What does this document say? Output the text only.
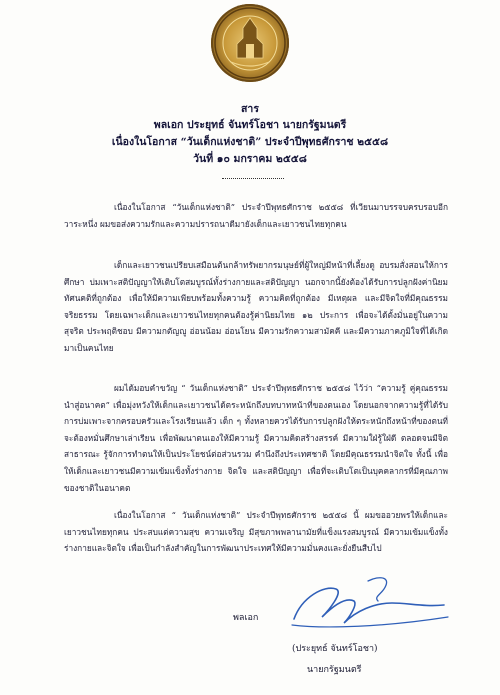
สาร
พลเอก ประยุทธ์ จันทร์โอชา นายกรัฐมนตรี
เนื่องในโอกาส “วันเด็กแห่งชาติ” ประจำปีพุทธศักราช ๒๕๕๘
วันที่ ๑๐ มกราคม ๒๕๕๘

เนื่องในโอกาส “วันเด็กแห่งชาติ” ประจำปีพุทธศักราช ๒๕๕๘ ที่เวียนมาบรรจบครบรอบอีกวาระหนึ่ง ผมขอส่งความรักและความปรารถนาดีมายังเด็กและเยาวชนไทยทุกคน

เด็กและเยาวชนเปรียบเสมือนต้นกล้าทรัพยากรมนุษย์ที่ผู้ใหญ่มีหน้าที่เลี้ยงดู อบรมสั่งสอนให้การศึกษา บ่มเพาะสติปัญญาให้เติบโตสมบูรณ์ทั้งร่างกายและสติปัญญา นอกจากนี้ยังต้องได้รับการปลูกฝังค่านิยม ทัศนคติที่ถูกต้อง เพื่อให้มีความเพียบพร้อมทั้งความรู้ ความคิดที่ถูกต้อง มีเหตุผล และมีจิตใจที่มีคุณธรรม จริยธรรม โดยเฉพาะเด็กและเยาวชนไทยทุกคนต้องรู้ค่านิยมไทย ๑๒ ประการ เพื่อจะได้ตั้งมั่นอยู่ในความสุจริต ประพฤติชอบ มีความกตัญญู อ่อนน้อม อ่อนโยน มีความรักความสามัคคี และมีความภาคภูมิใจที่ได้เกิดมาเป็นคนไทย

ผมได้มอบคำขวัญ “ วันเด็กแห่งชาติ” ประจำปีพุทธศักราช ๒๕๕๘ ไว้ว่า “ความรู้ คู่คุณธรรม นำสู่อนาคต” เพื่อมุ่งหวังให้เด็กและเยาวชนได้ตระหนักถึงบทบาทหน้าที่ของตนเอง โดยนอกจากความรู้ที่ได้รับการบ่มเพาะจากครอบครัวและโรงเรียนแล้ว เด็ก ๆ ทั้งหลายควรได้รับการปลูกฝังให้ตระหนักถึงหน้าที่ของตนที่จะต้องหมั่นศึกษาเล่าเรียน เพื่อพัฒนาตนเองให้มีความรู้ มีความคิดสร้างสรรค์ มีความใฝ่รู้ใฝ่ดี ตลอดจนมีจิตสาธารณะ รู้จักการทำตนให้เป็นประโยชน์ต่อส่วนรวม คำนึงถึงประเทศชาติ โดยมีคุณธรรมนำจิตใจ ทั้งนี้ เพื่อให้เด็กและเยาวชนมีความเข้มแข็งทั้งร่างกาย จิตใจ และสติปัญญา เพื่อที่จะเติบโตเป็นบุคคลากรที่มีคุณภาพของชาติในอนาคต

เนื่องในโอกาส “ วันเด็กแห่งชาติ” ประจำปีพุทธศักราช ๒๕๕๘ นี้ ผมขออวยพรให้เด็กและเยาวชนไทยทุกคน ประสบแต่ความสุข ความเจริญ มีสุขภาพพลานามัยที่แข็งแรงสมบูรณ์ มีความเข้มแข็งทั้งร่างกายและจิตใจ เพื่อเป็นกำลังสำคัญในการพัฒนาประเทศให้มีความมั่นคงและยั่งยืนสืบไป

พลเอก
(ประยุทธ์ จันทร์โอชา)
นายกรัฐมนตรี
